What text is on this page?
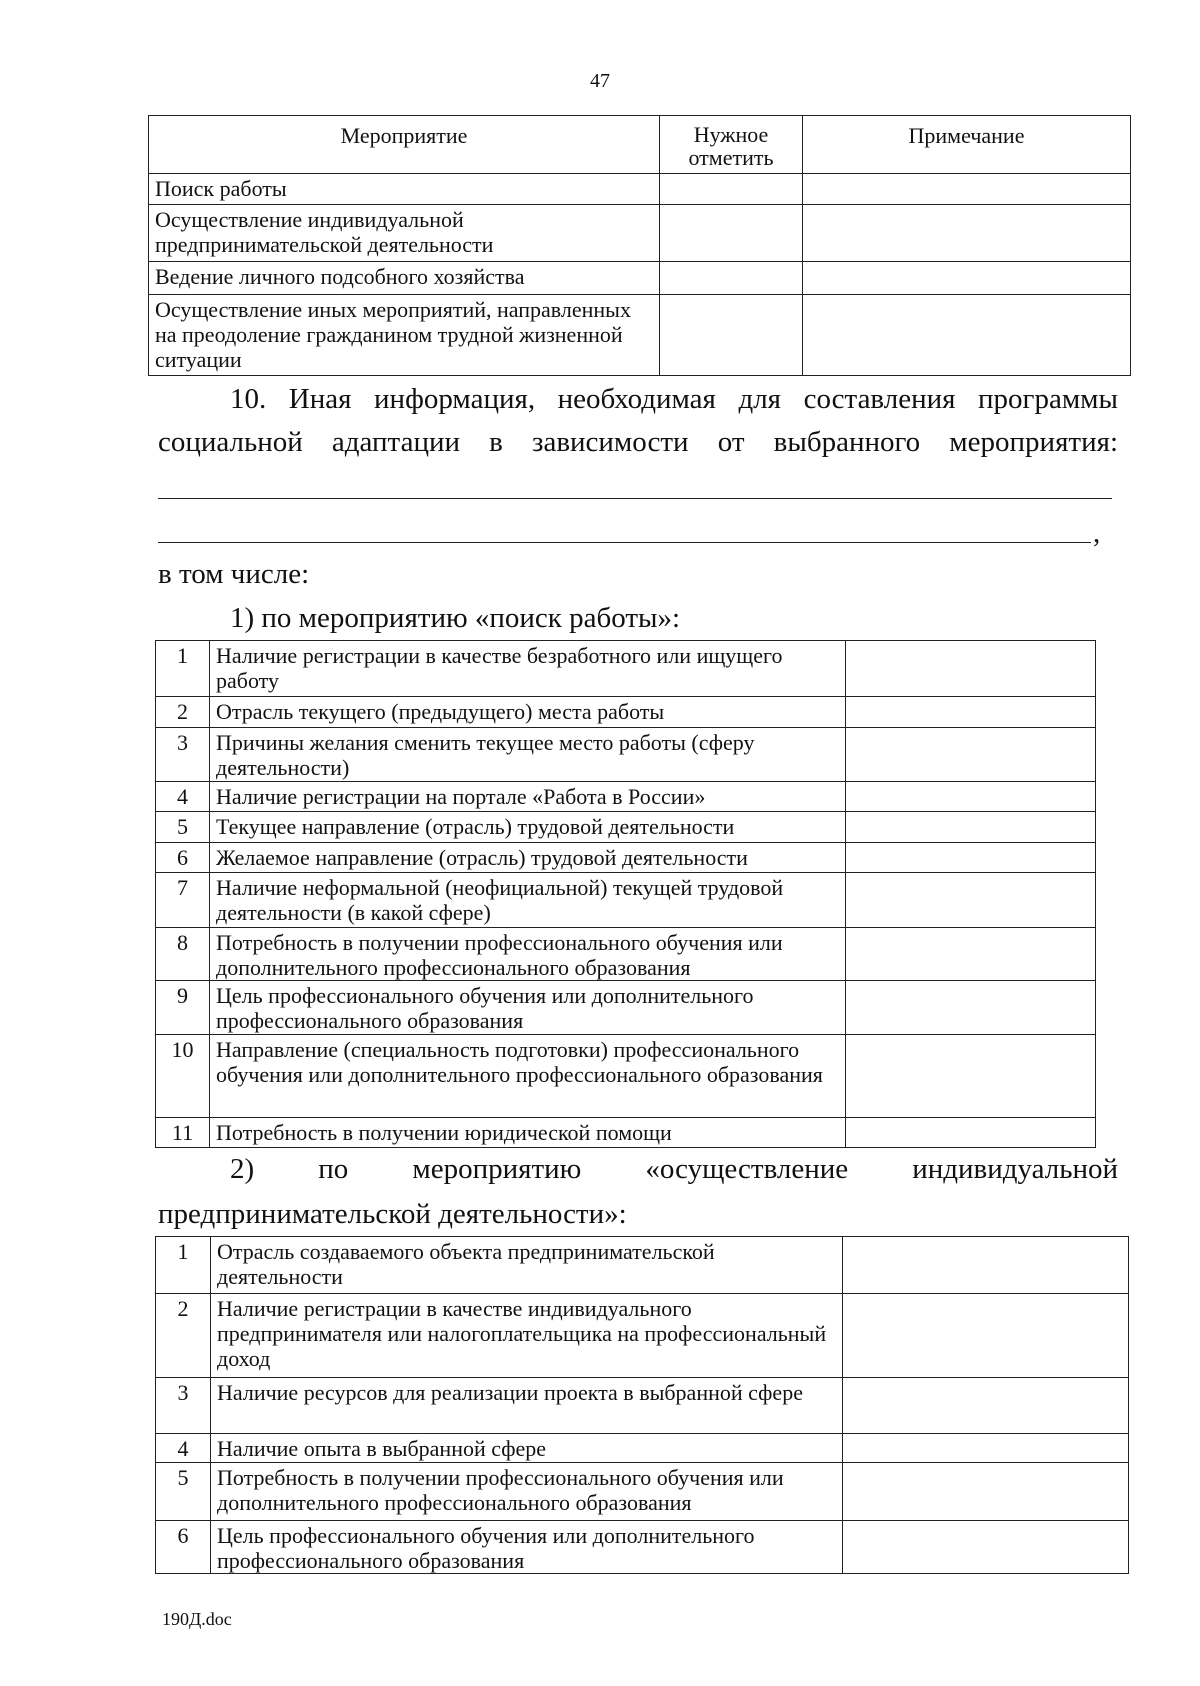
47
Мероприятие	Нужное отметить	Примечание
Поиск работы		
Осуществление индивидуальной предпринимательской деятельности		
Ведение личного подсобного хозяйства		
Осуществление иных мероприятий, направленных на преодоление гражданином трудной жизненной ситуации		
10. Иная информация, необходимая для составления программы
социальной адаптации в зависимости от выбранного мероприятия:
,
в том числе:
1) по мероприятию «поиск работы»:
1	Наличие регистрации в качестве безработного или ищущего работу	
2	Отрасль текущего (предыдущего) места работы	
3	Причины желания сменить текущее место работы (сферу деятельности)	
4	Наличие регистрации на портале «Работа в России»	
5	Текущее направление (отрасль) трудовой деятельности	
6	Желаемое направление (отрасль) трудовой деятельности	
7	Наличие неформальной (неофициальной) текущей трудовой деятельности (в какой сфере)	
8	Потребность в получении профессионального обучения или дополнительного профессионального образования	
9	Цель профессионального обучения или дополнительного профессионального образования	
10	Направление (специальность подготовки) профессионального обучения или дополнительного профессионального образования	
11	Потребность в получении юридической помощи	
2) по мероприятию «осуществление индивидуальной
предпринимательской деятельности»:
1	Отрасль создаваемого объекта предпринимательской деятельности	
2	Наличие регистрации в качестве индивидуального предпринимателя или налогоплательщика на профессиональный доход	
3	Наличие ресурсов для реализации проекта в выбранной сфере	
4	Наличие опыта в выбранной сфере	
5	Потребность в получении профессионального обучения или дополнительного профессионального образования	
6	Цель профессионального обучения или дополнительного профессионального образования	
190Д.doc
